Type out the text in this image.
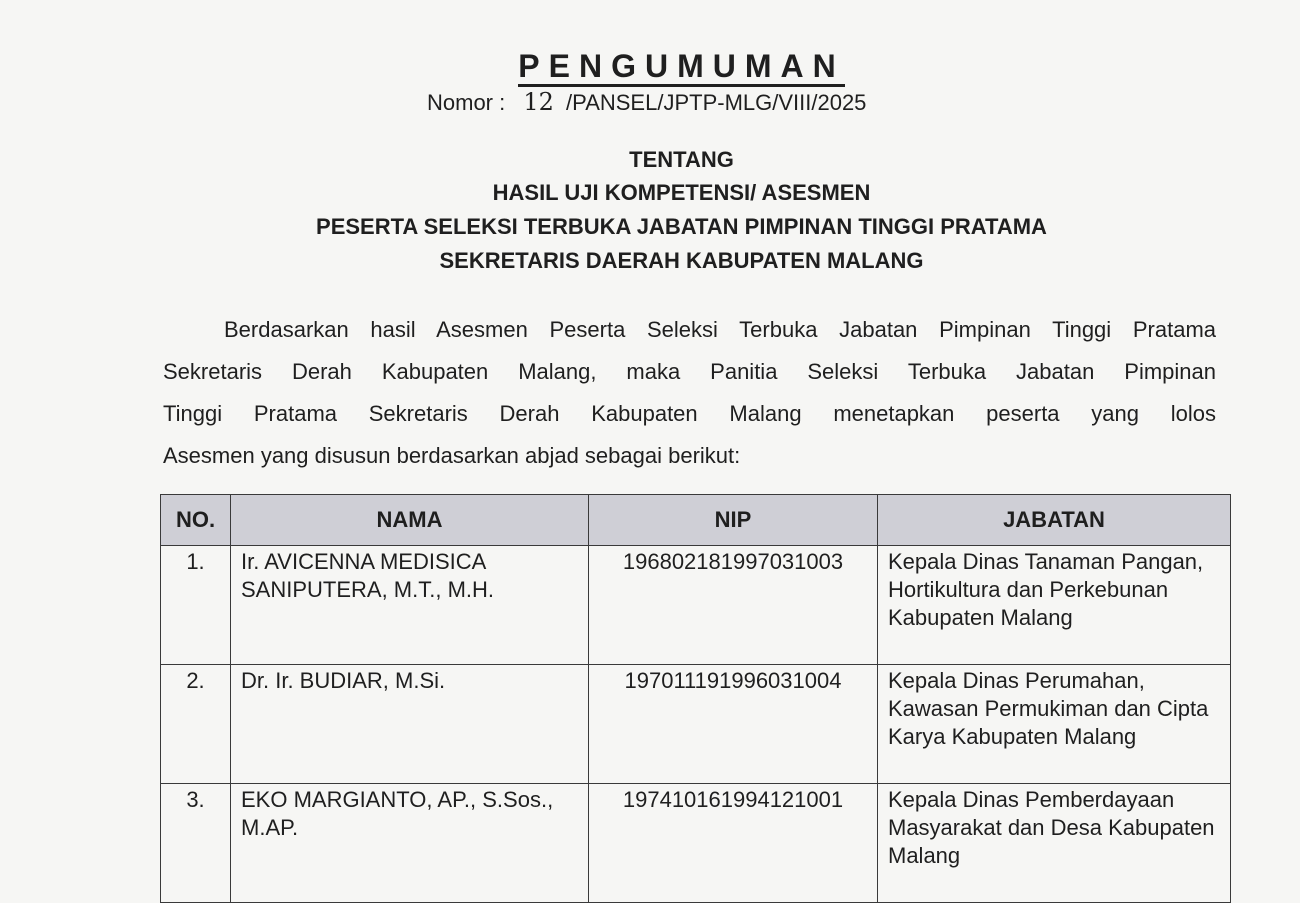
PENGUMUMAN
Nomor : 12 /PANSEL/JPTP-MLG/VIII/2025
TENTANG
HASIL UJI KOMPETENSI/ ASESMEN
PESERTA SELEKSI TERBUKA JABATAN PIMPINAN TINGGI PRATAMA
SEKRETARIS DAERAH KABUPATEN MALANG
Berdasarkan hasil Asesmen Peserta Seleksi Terbuka Jabatan Pimpinan Tinggi Pratama
Sekretaris Derah Kabupaten Malang, maka Panitia Seleksi Terbuka Jabatan Pimpinan
Tinggi Pratama Sekretaris Derah Kabupaten Malang menetapkan peserta yang lolos
Asesmen yang disusun berdasarkan abjad sebagai berikut:
NO.	NAMA	NIP	JABATAN
1.	Ir. AVICENNA MEDISICA SANIPUTERA, M.T., M.H.	196802181997031003	Kepala Dinas Tanaman Pangan, Hortikultura dan Perkebunan Kabupaten Malang
2.	Dr. Ir. BUDIAR, M.Si.	197011191996031004	Kepala Dinas Perumahan, Kawasan Permukiman dan Cipta Karya Kabupaten Malang
3.	EKO MARGIANTO, AP., S.Sos., M.AP.	197410161994121001	Kepala Dinas Pemberdayaan Masyarakat dan Desa Kabupaten Malang
